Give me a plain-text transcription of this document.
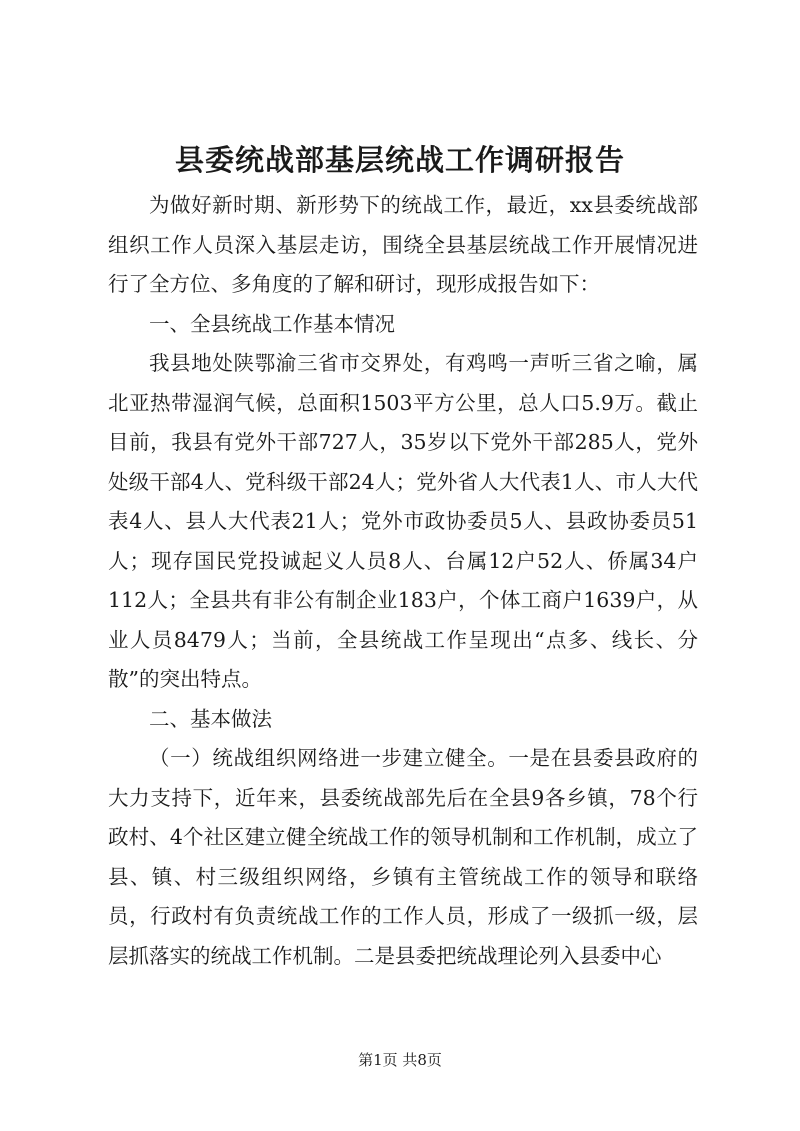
县委统战部基层统战工作调研报告

为做好新时期、新形势下的统战工作，最近，xx县委统战部组织工作人员深入基层走访，围绕全县基层统战工作开展情况进行了全方位、多角度的了解和研讨，现形成报告如下：

一、全县统战工作基本情况

我县地处陕鄂渝三省市交界处，有鸡鸣一声听三省之喻，属北亚热带湿润气候，总面积1503平方公里，总人口5.9万。截止目前，我县有党外干部727人，35岁以下党外干部285人，党外处级干部4人、党科级干部24人；党外省人大代表1人、市人大代表4人、县人大代表21人；党外市政协委员5人、县政协委员51人；现存国民党投诚起义人员8人、台属12户52人、侨属34户112人；全县共有非公有制企业183户，个体工商户1639户，从业人员8479人；当前，全县统战工作呈现出“点多、线长、分散”的突出特点。

二、基本做法

（一）统战组织网络进一步建立健全。一是在县委县政府的大力支持下，近年来，县委统战部先后在全县9各乡镇，78个行政村、4个社区建立健全统战工作的领导机制和工作机制，成立了县、镇、村三级组织网络，乡镇有主管统战工作的领导和联络员，行政村有负责统战工作的工作人员，形成了一级抓一级，层层抓落实的统战工作机制。二是县委把统战理论列入县委中心

第1页 共8页
